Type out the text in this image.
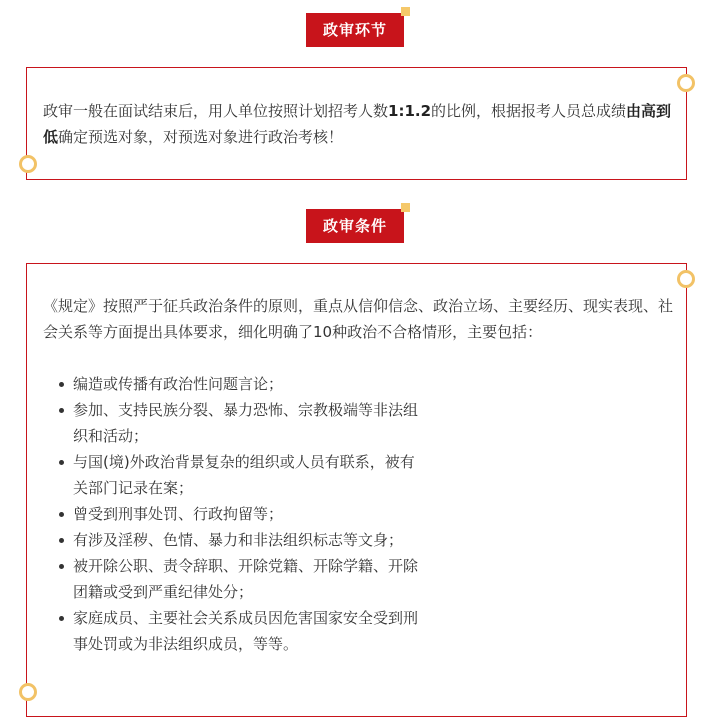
政审环节
政审一般在面试结束后，用人单位按照计划招考人数1:1.2的比例，根据报考人员总成绩由高到低确定预选对象，对预选对象进行政治考核！
政审条件
《规定》按照严于征兵政治条件的原则，重点从信仰信念、政治立场、主要经历、现实表现、社会关系等方面提出具体要求，细化明确了10种政治不合格情形，主要包括：
编造或传播有政治性问题言论；
参加、支持民族分裂、暴力恐怖、宗教极端等非法组织和活动；
与国(境)外政治背景复杂的组织或人员有联系，被有关部门记录在案；
曾受到刑事处罚、行政拘留等；
有涉及淫秽、色情、暴力和非法组织标志等文身；
被开除公职、责令辞职、开除党籍、开除学籍、开除团籍或受到严重纪律处分；
家庭成员、主要社会关系成员因危害国家安全受到刑事处罚或为非法组织成员，等等。
